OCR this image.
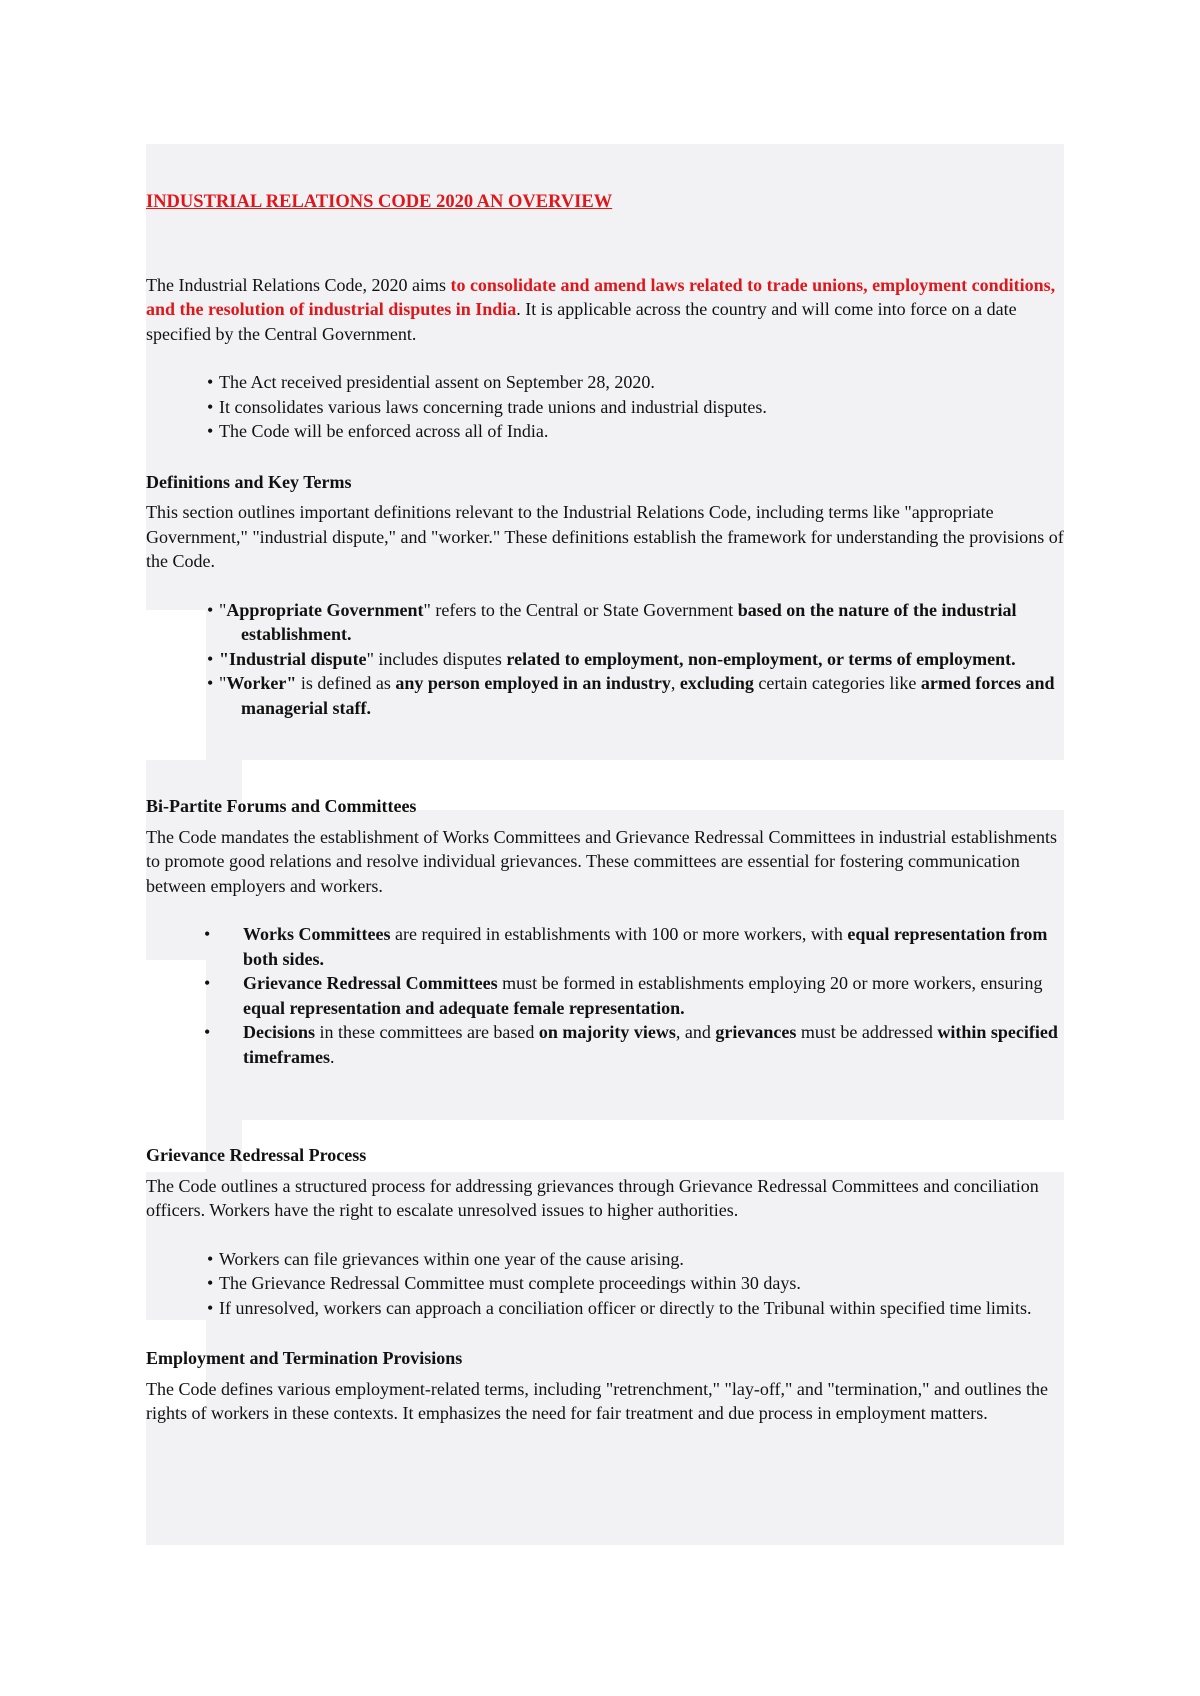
INDUSTRIAL RELATIONS CODE 2020 AN OVERVIEW

The Industrial Relations Code, 2020 aims to consolidate and amend laws related to trade unions, employment conditions, and the resolution of industrial disputes in India. It is applicable across the country and will come into force on a date specified by the Central Government.

• The Act received presidential assent on September 28, 2020.
• It consolidates various laws concerning trade unions and industrial disputes.
• The Code will be enforced across all of India.

Definitions and Key Terms

This section outlines important definitions relevant to the Industrial Relations Code, including terms like "appropriate Government," "industrial dispute," and "worker." These definitions establish the framework for understanding the provisions of the Code.

• "Appropriate Government" refers to the Central or State Government based on the nature of the industrial establishment.
• "Industrial dispute" includes disputes related to employment, non-employment, or terms of employment.
• "Worker" is defined as any person employed in an industry, excluding certain categories like armed forces and managerial staff.

Bi-Partite Forums and Committees

The Code mandates the establishment of Works Committees and Grievance Redressal Committees in industrial establishments to promote good relations and resolve individual grievances. These committees are essential for fostering communication between employers and workers.

• Works Committees are required in establishments with 100 or more workers, with equal representation from both sides.
• Grievance Redressal Committees must be formed in establishments employing 20 or more workers, ensuring equal representation and adequate female representation.
• Decisions in these committees are based on majority views, and grievances must be addressed within specified timeframes.

Grievance Redressal Process

The Code outlines a structured process for addressing grievances through Grievance Redressal Committees and conciliation officers. Workers have the right to escalate unresolved issues to higher authorities.

• Workers can file grievances within one year of the cause arising.
• The Grievance Redressal Committee must complete proceedings within 30 days.
• If unresolved, workers can approach a conciliation officer or directly to the Tribunal within specified time limits.

Employment and Termination Provisions

The Code defines various employment-related terms, including "retrenchment," "lay-off," and "termination," and outlines the rights of workers in these contexts. It emphasizes the need for fair treatment and due process in employment matters.
